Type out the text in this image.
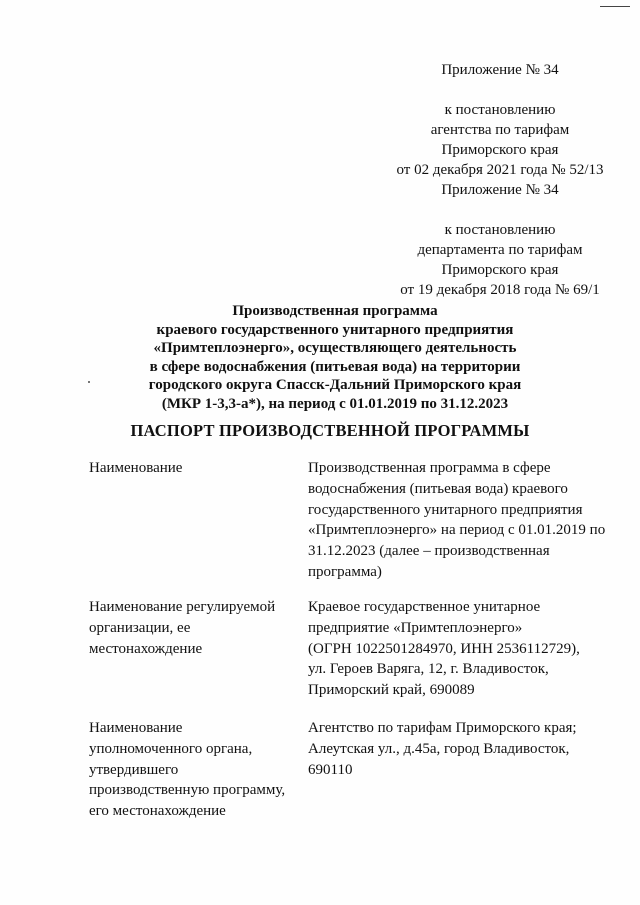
Приложение № 34
к постановлению
агентства по тарифам
Приморского края
от 02 декабря 2021 года № 52/13
Приложение № 34
к постановлению
департамента по тарифам
Приморского края
от 19 декабря 2018 года № 69/1
Производственная программа
краевого государственного унитарного предприятия
«Примтеплоэнерго», осуществляющего деятельность
в сфере водоснабжения (питьевая вода) на территории
городского округа Спасск-Дальний Приморского края
(МКР 1-3,3-а*), на период с 01.01.2019 по 31.12.2023
ПАСПОРТ ПРОИЗВОДСТВЕННОЙ ПРОГРАММЫ
Наименование	Производственная программа в сфере
водоснабжения (питьевая вода) краевого
государственного унитарного предприятия
«Примтеплоэнерго» на период с 01.01.2019 по
31.12.2023 (далее – производственная
программа)
Наименование регулируемой
организации, ее
местонахождение
Краевое государственное унитарное
предприятие «Примтеплоэнерго»
(ОГРН 1022501284970, ИНН 2536112729),
ул. Героев Варяга, 12, г. Владивосток,
Приморский край, 690089
Наименование
уполномоченного органа,
утвердившего
производственную программу,
его местонахождение
Агентство по тарифам Приморского края;
Алеутская ул., д.45а, город Владивосток,
690110
